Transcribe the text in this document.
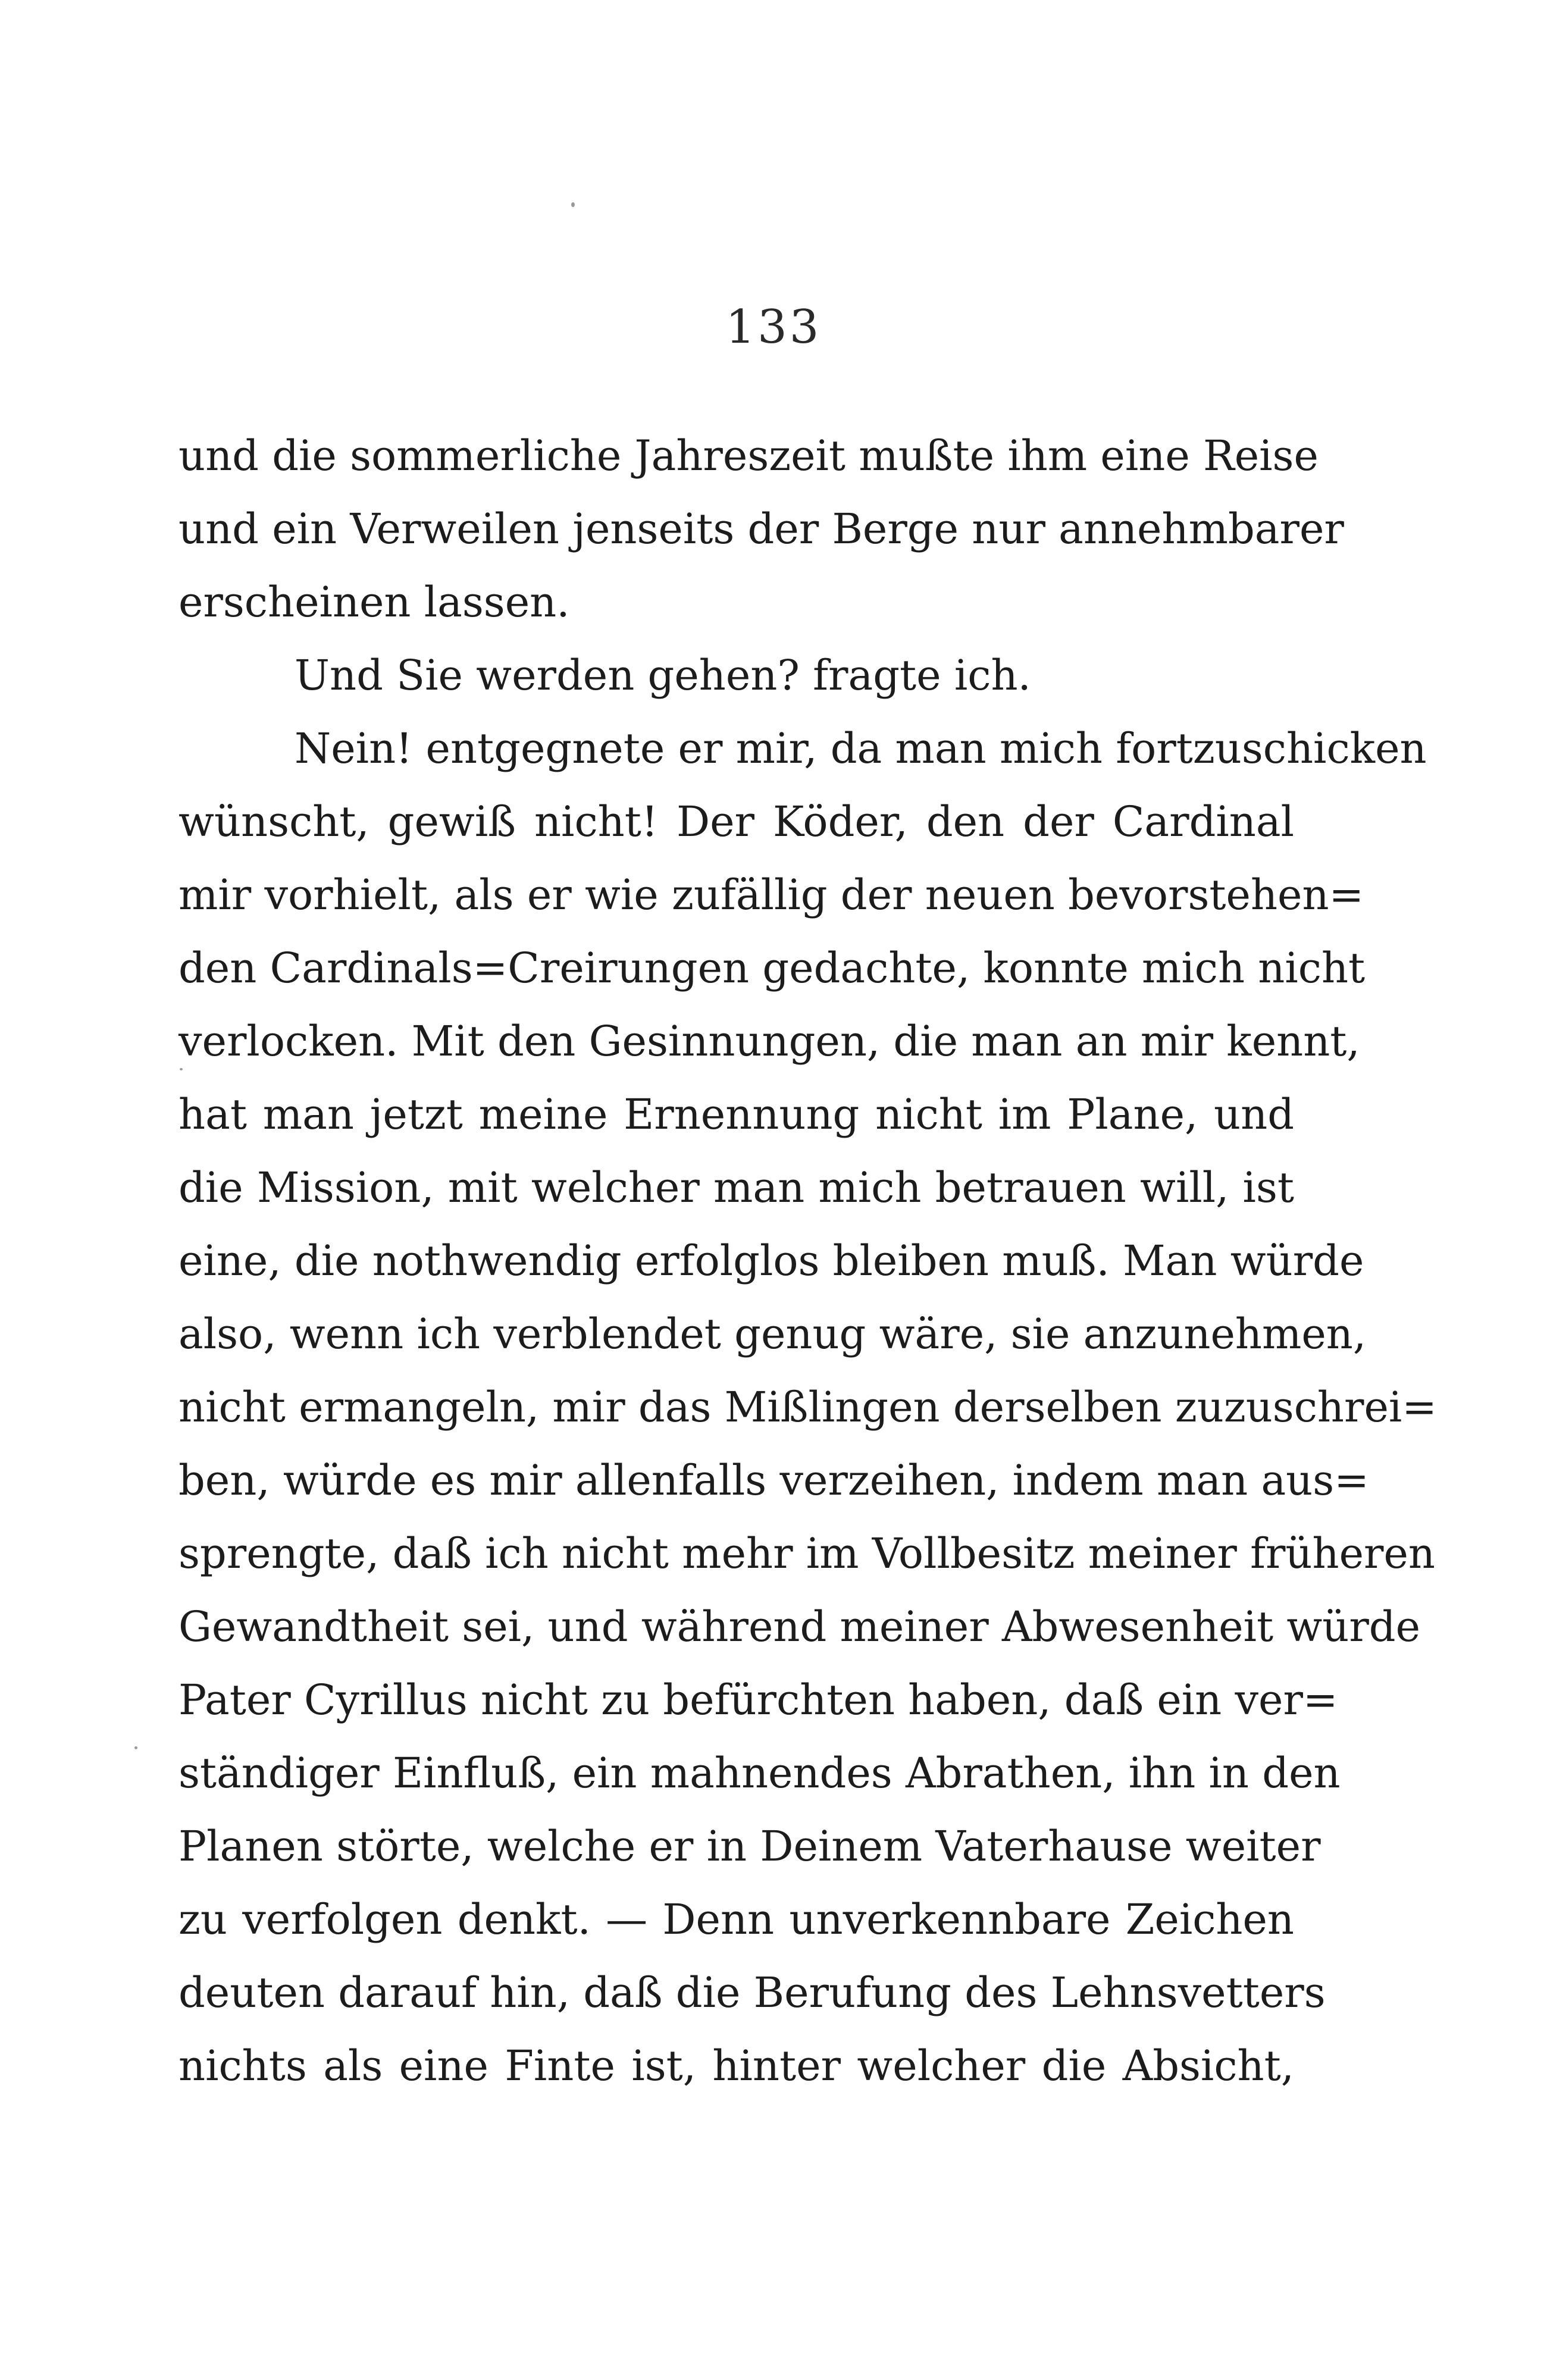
133
und die sommerliche Jahreszeit mußte ihm eine Reise
und ein Verweilen jenseits der Berge nur annehmbarer
erscheinen lassen.
Und Sie werden gehen? fragte ich.
Nein! entgegnete er mir, da man mich fortzuschicken
wünscht, gewiß nicht! Der Köder, den der Cardinal
mir vorhielt, als er wie zufällig der neuen bevorstehen=
den Cardinals=Creirungen gedachte, konnte mich nicht
verlocken. Mit den Gesinnungen, die man an mir kennt,
hat man jetzt meine Ernennung nicht im Plane, und
die Mission, mit welcher man mich betrauen will, ist
eine, die nothwendig erfolglos bleiben muß. Man würde
also, wenn ich verblendet genug wäre, sie anzunehmen,
nicht ermangeln, mir das Mißlingen derselben zuzuschrei=
ben, würde es mir allenfalls verzeihen, indem man aus=
sprengte, daß ich nicht mehr im Vollbesitz meiner früheren
Gewandtheit sei, und während meiner Abwesenheit würde
Pater Cyrillus nicht zu befürchten haben, daß ein ver=
ständiger Einfluß, ein mahnendes Abrathen, ihn in den
Planen störte, welche er in Deinem Vaterhause weiter
zu verfolgen denkt. — Denn unverkennbare Zeichen
deuten darauf hin, daß die Berufung des Lehnsvetters
nichts als eine Finte ist, hinter welcher die Absicht,
